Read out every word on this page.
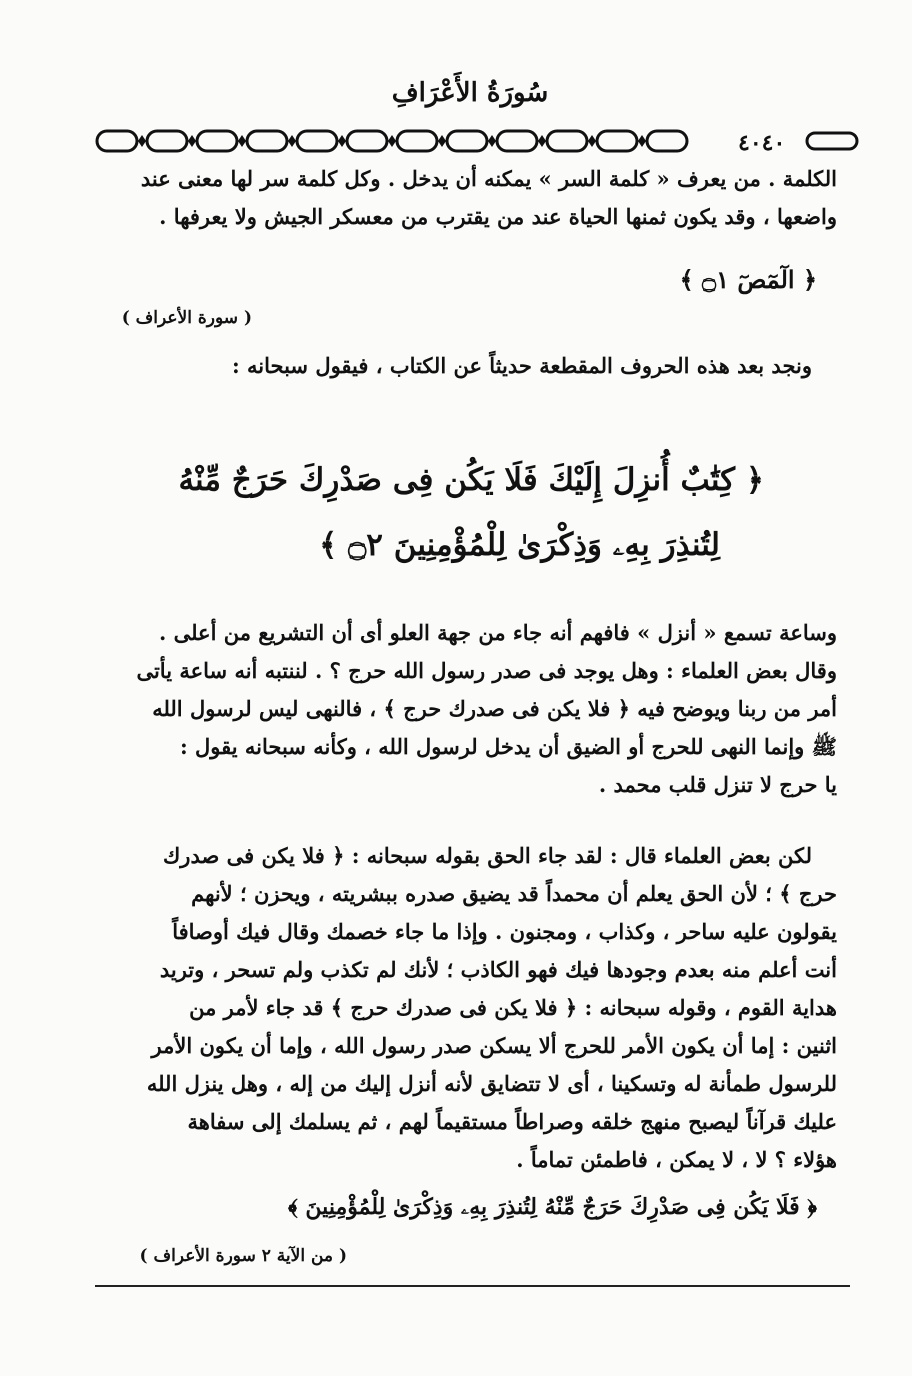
سُورَةُ الأَعْرَافِ
٤٠٤٠
الكلمة . من يعرف « كلمة السر » يمكنه أن يدخل . وكل كلمة سر لها معنى عند
واضعها ، وقد يكون ثمنها الحياة عند من يقترب من معسكر الجيش ولا يعرفها .
﴿ الٓمٓصٓ ۝١ ﴾
( سورة الأعراف )
ونجد بعد هذه الحروف المقطعة حديثاً عن الكتاب ، فيقول سبحانه :
﴿ كِتَٰبٌ أُنزِلَ إِلَيْكَ فَلَا يَكُن فِى صَدْرِكَ حَرَجٌ مِّنْهُ
لِتُنذِرَ بِهِۦ وَذِكْرَىٰ لِلْمُؤْمِنِينَ ۝٢ ﴾
وساعة تسمع « أنزل » فافهم أنه جاء من جهة العلو أى أن التشريع من أعلى .
وقال بعض العلماء : وهل يوجد فى صدر رسول الله حرج ؟ . لننتبه أنه ساعة يأتى
أمر من ربنا ويوضح فيه ﴿ فلا يكن فى صدرك حرج ﴾ ، فالنهى ليس لرسول الله
ﷺ وإنما النهى للحرج أو الضيق أن يدخل لرسول الله ، وكأنه سبحانه يقول :
يا حرج لا تنزل قلب محمد .
لكن بعض العلماء قال : لقد جاء الحق بقوله سبحانه : ﴿ فلا يكن فى صدرك
حرج ﴾ ؛ لأن الحق يعلم أن محمداً قد يضيق صدره ببشريته ، ويحزن ؛ لأنهم
يقولون عليه ساحر ، وكذاب ، ومجنون . وإذا ما جاء خصمك وقال فيك أوصافاً
أنت أعلم منه بعدم وجودها فيك فهو الكاذب ؛ لأنك لم تكذب ولم تسحر ، وتريد
هداية القوم ، وقوله سبحانه : ﴿ فلا يكن فى صدرك حرج ﴾ قد جاء لأمر من
اثنين : إما أن يكون الأمر للحرج ألا يسكن صدر رسول الله ، وإما أن يكون الأمر
للرسول طمأنة له وتسكينا ، أى لا تتضايق لأنه أنزل إليك من إله ، وهل ينزل الله
عليك قرآناً ليصبح منهج خلقه وصراطاً مستقيماً لهم ، ثم يسلمك إلى سفاهة
هؤلاء ؟ لا ، لا يمكن ، فاطمئن تماماً .
﴿ فَلَا يَكُن فِى صَدْرِكَ حَرَجٌ مِّنْهُ لِتُنذِرَ بِهِۦ وَذِكْرَىٰ لِلْمُؤْمِنِينَ ﴾
( من الآية ٢ سورة الأعراف )
